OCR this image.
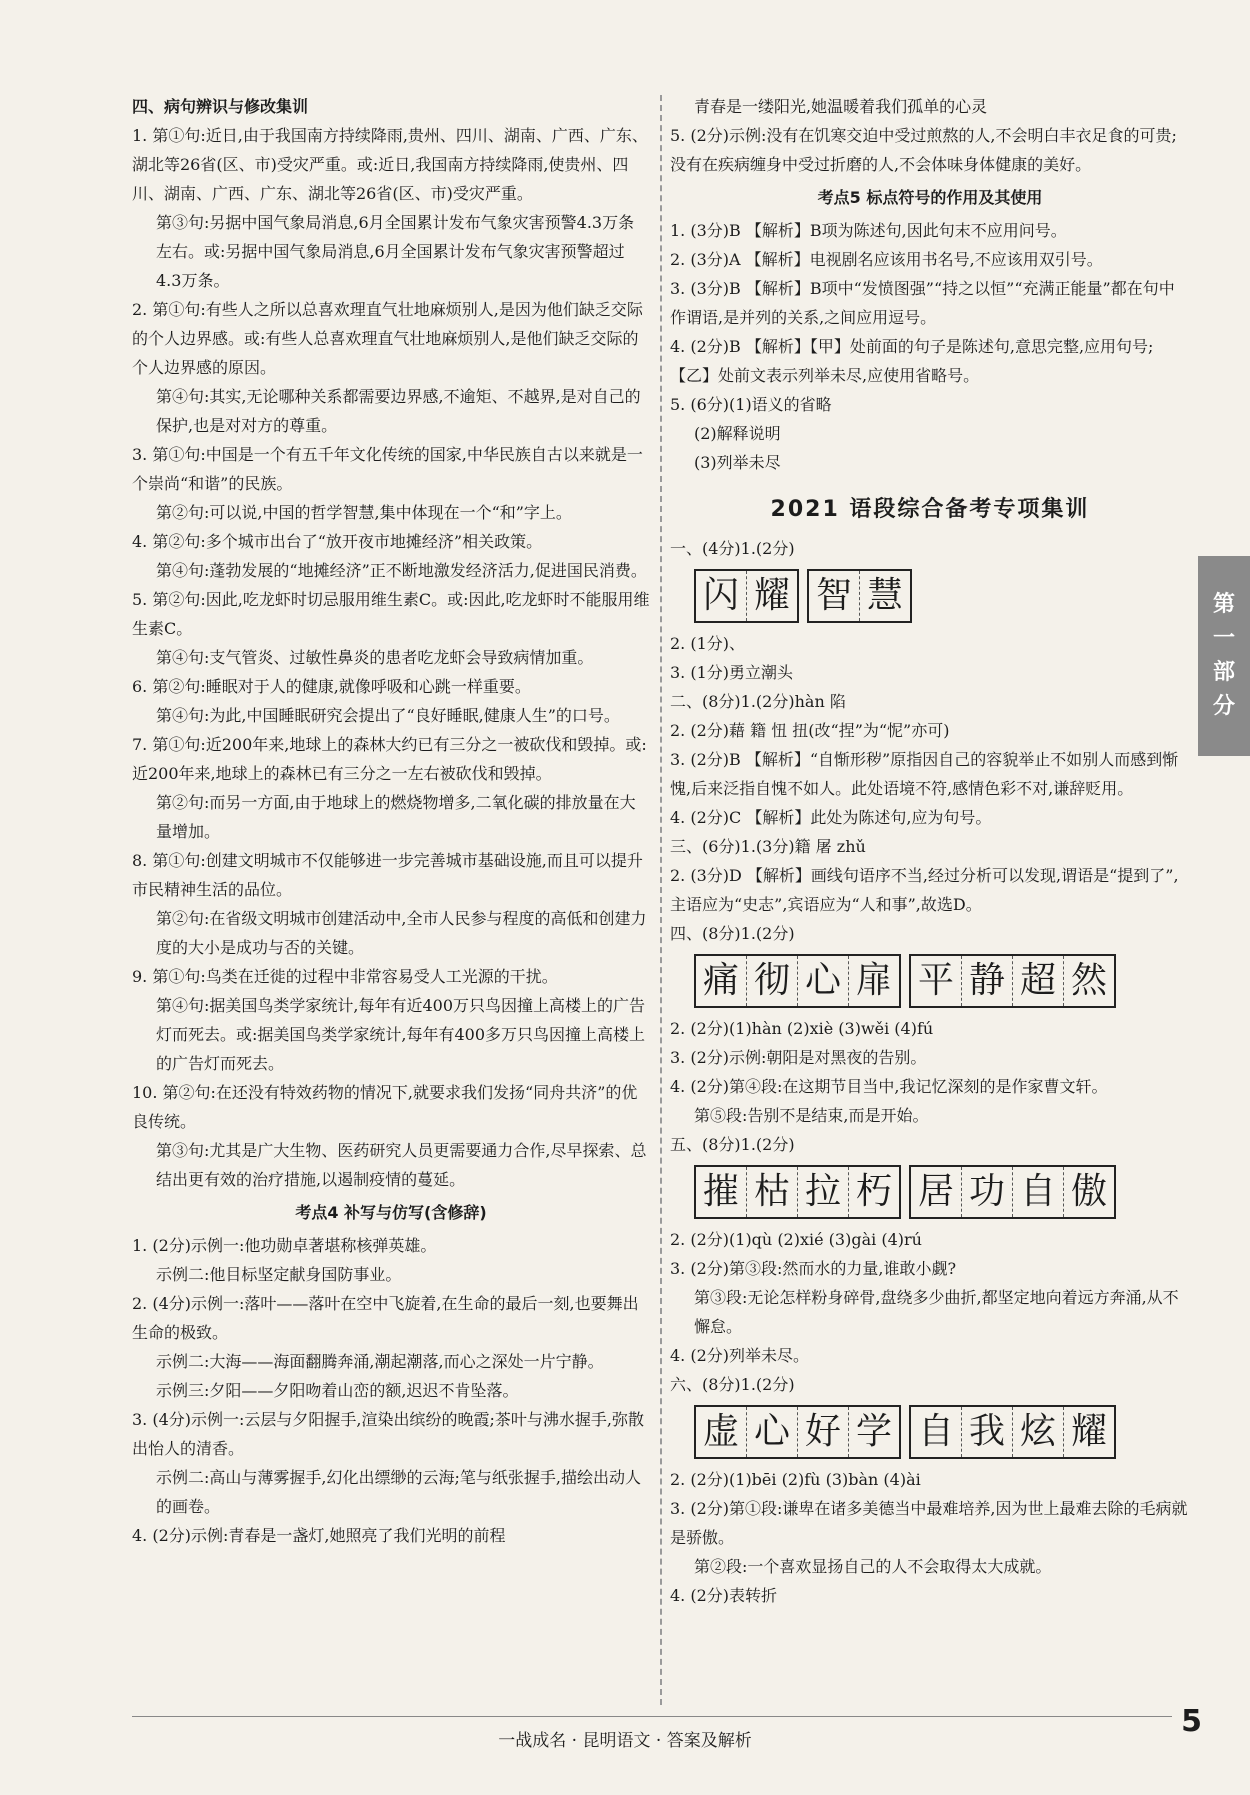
四、病句辨识与修改集训
1. 第①句:近日,由于我国南方持续降雨,贵州、四川、湖南、广西、广东、湖北等26省(区、市)受灾严重。或:近日,我国南方持续降雨,使贵州、四川、湖南、广西、广东、湖北等26省(区、市)受灾严重。
第③句:另据中国气象局消息,6月全国累计发布气象灾害预警4.3万条左右。或:另据中国气象局消息,6月全国累计发布气象灾害预警超过4.3万条。
2. 第①句:有些人之所以总喜欢理直气壮地麻烦别人,是因为他们缺乏交际的个人边界感。或:有些人总喜欢理直气壮地麻烦别人,是他们缺乏交际的个人边界感的原因。
第④句:其实,无论哪种关系都需要边界感,不逾矩、不越界,是对自己的保护,也是对对方的尊重。
3. 第①句:中国是一个有五千年文化传统的国家,中华民族自古以来就是一个崇尚“和谐”的民族。
第②句:可以说,中国的哲学智慧,集中体现在一个“和”字上。
4. 第②句:多个城市出台了“放开夜市地摊经济”相关政策。
第④句:蓬勃发展的“地摊经济”正不断地激发经济活力,促进国民消费。
5. 第②句:因此,吃龙虾时切忌服用维生素C。或:因此,吃龙虾时不能服用维生素C。
第④句:支气管炎、过敏性鼻炎的患者吃龙虾会导致病情加重。
6. 第②句:睡眠对于人的健康,就像呼吸和心跳一样重要。
第④句:为此,中国睡眠研究会提出了“良好睡眠,健康人生”的口号。
7. 第①句:近200年来,地球上的森林大约已有三分之一被砍伐和毁掉。或:近200年来,地球上的森林已有三分之一左右被砍伐和毁掉。
第②句:而另一方面,由于地球上的燃烧物增多,二氧化碳的排放量在大量增加。
8. 第①句:创建文明城市不仅能够进一步完善城市基础设施,而且可以提升市民精神生活的品位。
第②句:在省级文明城市创建活动中,全市人民参与程度的高低和创建力度的大小是成功与否的关键。
9. 第①句:鸟类在迁徙的过程中非常容易受人工光源的干扰。
第④句:据美国鸟类学家统计,每年有近400万只鸟因撞上高楼上的广告灯而死去。或:据美国鸟类学家统计,每年有400多万只鸟因撞上高楼上的广告灯而死去。
10. 第②句:在还没有特效药物的情况下,就要求我们发扬“同舟共济”的优良传统。
第③句:尤其是广大生物、医药研究人员更需要通力合作,尽早探索、总结出更有效的治疗措施,以遏制疫情的蔓延。
考点4 补写与仿写(含修辞)
1. (2分)示例一:他功勋卓著堪称核弹英雄。
示例二:他目标坚定献身国防事业。
2. (4分)示例一:落叶——落叶在空中飞旋着,在生命的最后一刻,也要舞出生命的极致。
示例二:大海——海面翻腾奔涌,潮起潮落,而心之深处一片宁静。
示例三:夕阳——夕阳吻着山峦的额,迟迟不肯坠落。
3. (4分)示例一:云层与夕阳握手,渲染出缤纷的晚霞;茶叶与沸水握手,弥散出怡人的清香。
示例二:高山与薄雾握手,幻化出缥缈的云海;笔与纸张握手,描绘出动人的画卷。
4. (2分)示例:青春是一盏灯,她照亮了我们光明的前程
青春是一缕阳光,她温暖着我们孤单的心灵
5. (2分)示例:没有在饥寒交迫中受过煎熬的人,不会明白丰衣足食的可贵;没有在疾病缠身中受过折磨的人,不会体味身体健康的美好。
考点5 标点符号的作用及其使用
1. (3分)B 【解析】B项为陈述句,因此句末不应用问号。
2. (3分)A 【解析】电视剧名应该用书名号,不应该用双引号。
3. (3分)B 【解析】B项中“发愤图强”“持之以恒”“充满正能量”都在句中作谓语,是并列的关系,之间应用逗号。
4. (2分)B 【解析】【甲】处前面的句子是陈述句,意思完整,应用句号;【乙】处前文表示列举未尽,应使用省略号。
5. (6分)(1)语义的省略
(2)解释说明
(3)列举未尽
2021 语段综合备考专项集训
一、(4分)1.(2分)
闪 耀 智 慧
2. (1分)、
3. (1分)勇立潮头
二、(8分)1.(2分)hàn 陷
2. (2分)藉 籍 忸 扭(改“捏”为“怩”亦可)
3. (2分)B 【解析】“自惭形秽”原指因自己的容貌举止不如别人而感到惭愧,后来泛指自愧不如人。此处语境不符,感情色彩不对,谦辞贬用。
4. (2分)C 【解析】此处为陈述句,应为句号。
三、(6分)1.(3分)籍 屠 zhǔ
2. (3分)D 【解析】画线句语序不当,经过分析可以发现,谓语是“提到了”,主语应为“史志”,宾语应为“人和事”,故选D。
四、(8分)1.(2分)
痛 彻 心 扉 平 静 超 然
2. (2分)(1)hàn (2)xiè (3)wěi (4)fú
3. (2分)示例:朝阳是对黑夜的告别。
4. (2分)第④段:在这期节目当中,我记忆深刻的是作家曹文轩。
第⑤段:告别不是结束,而是开始。
五、(8分)1.(2分)
摧 枯 拉 朽 居 功 自 傲
2. (2分)(1)qù (2)xié (3)gài (4)rú
3. (2分)第③段:然而水的力量,谁敢小觑?
第③段:无论怎样粉身碎骨,盘绕多少曲折,都坚定地向着远方奔涌,从不懈怠。
4. (2分)列举未尽。
六、(8分)1.(2分)
虚 心 好 学 自 我 炫 耀
2. (2分)(1)bēi (2)fù (3)bàn (4)ài
3. (2分)第①段:谦卑在诸多美德当中最难培养,因为世上最难去除的毛病就是骄傲。
第②段:一个喜欢显扬自己的人不会取得太大成就。
4. (2分)表转折
第
一
部
分
一战成名 · 昆明语文 · 答案及解析
5
